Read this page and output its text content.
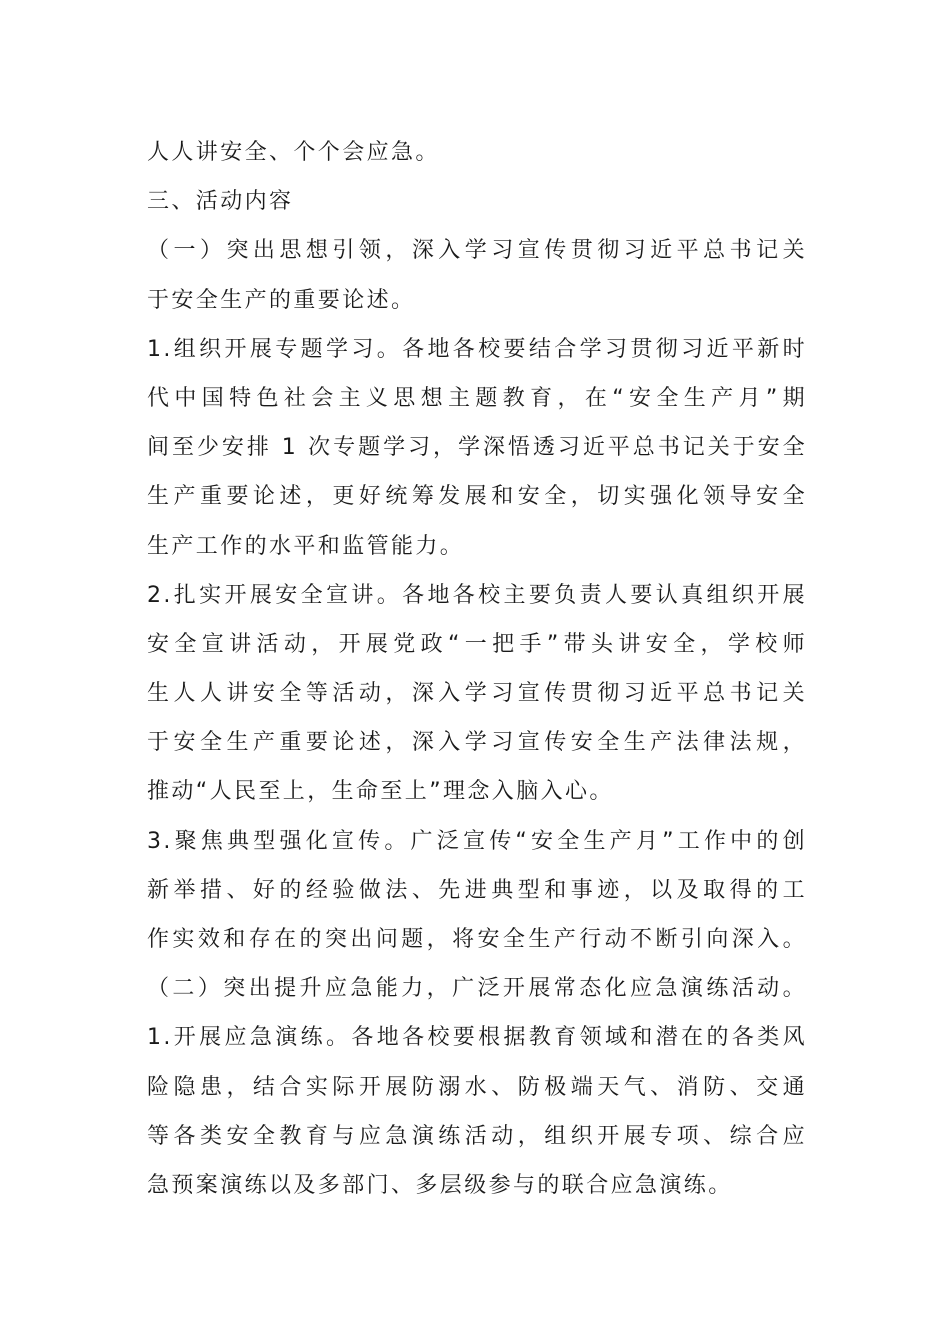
人人讲安全、个个会应急。
三、活动内容
（一）突出思想引领，深入学习宣传贯彻习近平总书记关
于安全生产的重要论述。
1.组织开展专题学习。各地各校要结合学习贯彻习近平新时
代中国特色社会主义思想主题教育，在“安全生产月”期
间至少安排 1 次专题学习，学深悟透习近平总书记关于安全
生产重要论述，更好统筹发展和安全，切实强化领导安全
生产工作的水平和监管能力。
2.扎实开展安全宣讲。各地各校主要负责人要认真组织开展
安全宣讲活动，开展党政“一把手”带头讲安全，学校师
生人人讲安全等活动，深入学习宣传贯彻习近平总书记关
于安全生产重要论述，深入学习宣传安全生产法律法规，
推动“人民至上，生命至上”理念入脑入心。
3.聚焦典型强化宣传。广泛宣传“安全生产月”工作中的创
新举措、好的经验做法、先进典型和事迹，以及取得的工
作实效和存在的突出问题，将安全生产行动不断引向深入。
（二）突出提升应急能力，广泛开展常态化应急演练活动。
1.开展应急演练。各地各校要根据教育领域和潜在的各类风
险隐患，结合实际开展防溺水、防极端天气、消防、交通
等各类安全教育与应急演练活动，组织开展专项、综合应
急预案演练以及多部门、多层级参与的联合应急演练。
